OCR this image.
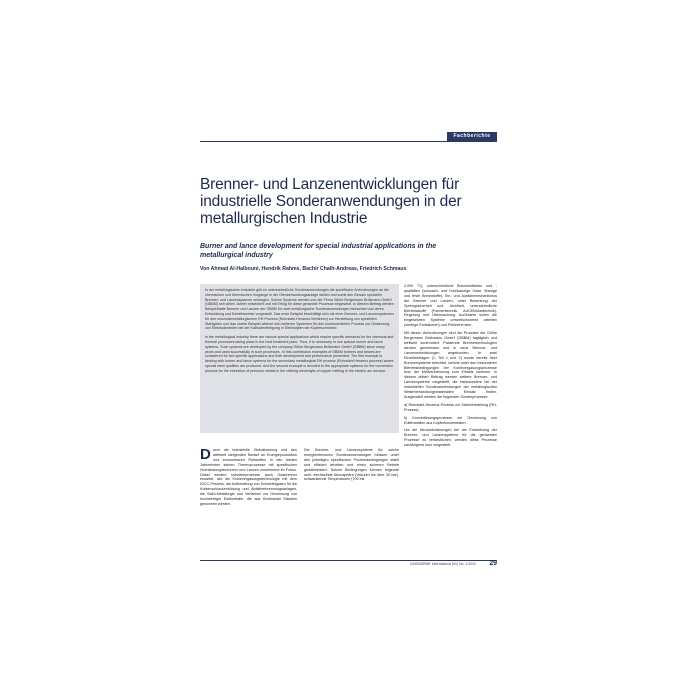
Fachberichte
Brenner- und Lanzenentwicklungen für industrielle Sonderanwendungen in der metallurgischen Industrie
Burner and lance development for special industrial applications in the metallurgical industry
Von Ahmad Al-Halbouni, Hendrik Rahms, Bachir Chalh-Andreas, Friedrich Schmaus

In der metallurgischen Industrie gibt es unterschiedliche Sonderanwendungen die spezifische Anforderungen an die chemischen und thermischen Vorgänge in der Ofenbehandlungsanlage stellen und somit den Einsatz spezieller Brenner- und Lanzensysteme verlangen. Solche Systeme werden von der Firma Glühe Bergemann Brökmann GmbH (GBBM) seit vielen Jahren entwickelt und mit Erfolg für diese genannte Prozesse eingesetzt. In diesem Beitrag werden Beispielhafte Brenner und Lanzen der GBBM für zwei metallurgische Sonderanwendungen betrachtet und deren Entwicklung und Betriebsweise vorgestellt. Das erste Beispiel beschäftigt sich mit einer Brenner- und Lanzensystemen für den sekundärmetallurgischen RH-Prozess (Ruhrstahl-Heraeus-Verfahren) zur Herstellung von speziellen Stahlgüten und das zweite Beispiel widmet sich weiteren Systemen für den kontinuierlichen Prozess zur Gewinnung von Elektrodenteilen bei der Kathodenfertigung in Elektrolyten der Kupferschmelze.

In the metallurgical industry there are various special applications which require specific demands for the chemical and thermal processes taking place in the heat treatment plant. Thus, it is necessary to use special burner and lance systems. Such systems are developed by the company Glühe Bergemann Brökmann GmbH (GBBM) since many years and used successfully in such processes. In this contribution examples of GBBM burners and lances are considered for two specific applications and their development and performance presented. The first example is dealing with burner and lance systems for the secondary metallurgical RH process (Ruhrstahl Heraeus process) where special steel qualities are produced. And the second example is devoted to the appropriate systems for the conversion process for the extraction of precious metals in the refining electrolyte of copper melting in the electric arc furnace.

2.000 °C), unterschiedliche Brennstoffarten und -qualitäten (schwach- und hochkalorige Gase, flüssige und feste Brennstoffe), Ein- und Ausfahrmechanismus der Brenner und Lanzen, unter Beachtung der Sprengsicherheit und -dichtheit, unterschiedliche Betriebsstoffe (Formentechnik, Auf-/Einblastechnik), Regelung und Überwachung. Außerdem sollen die eingesetzten Systeme umweltschonend arbeiten (niedrige Emissionen) und Fehlerfrei sein.

Mit diesen Anforderungen sind die Produkte der Glühe Bergemann Brökmann GmbH (GBBM) tagtäglich und weltweit konfrontiert. Passende Brennertechnologien werden gemeinsam und in neue Brenner- und Lanzenentwicklungen angebunden. In zwei Einzelbeiträgen (1, Teil 1 und 2) wurde bereits über Brennersysteme berichtet, welche unter den besonderen Betriebsbedingungen der Kohlevergasungsprozesse bzw. der Müllverbrennung zum Einsatz kommen. In diesem dritten Beitrag werden weitere Brenner- und Lanzensysteme vorgestellt, die insbesondere bei der industriellen Sonderanwendungen der metallurgischen Weiterbehandlungsmaterialien Einsatz finden. Ausgewählt werden die folgenden Sonderprozesse:

a) Ruhrstahl-Heraeus-Prozess zur Stahlveredelung (RH-Prozess)

b) Konvertierungsprozesse zur Gewinnung von Edelmetallen aus Kupferkonzentraten.

Um die Herausforderungen bei der Entwicklung der Brenner- und Lanzensysteme für die genannten Prozesse zu verdeutlichen, werden diese Prozesse nachfolgend kurz vorgestellt.

Durch die industrielle Globalisierung und den weltweit steigenden Bedarf an Energieproduktion und erneuerbaren Rohstoffen in den letzten Jahrzehnten stehen Thermoprozesse mit spezifischen Hochleistungsbrennern und Lanzen zunehmend im Fokus. Dabei werden Industrieprozesse auch Gasbrenner erwartet, wie die Kohlevergasungstechnologie mit dem IGCC-Prozess, die Aufbereitung von Schwefelgasen für die Kohlenschlackenbildung und Abfallverbrennungsanlagen, die Stahl-Metallurgie und Verfahren zur Gewinnung von hochwertiger Edelmetalle, die aus Buntmetall Stäuben gewonnen werden.

Die Brenner- und Lanzensysteme für solche energieintensiven Sonderanwendungen müssen unter den jeweiligen spezifischen Prozessbedingungen stabil und effizient arbeiten und einen sicheren Betrieb gewährleisten. Solche Bedingungen können folgende sein: wechselnde Atmosphäre (Vakuum bis über 30 bar), schwankende Temperaturen (700 bis

GASWÄRME International (61) No. 1/2011	29
